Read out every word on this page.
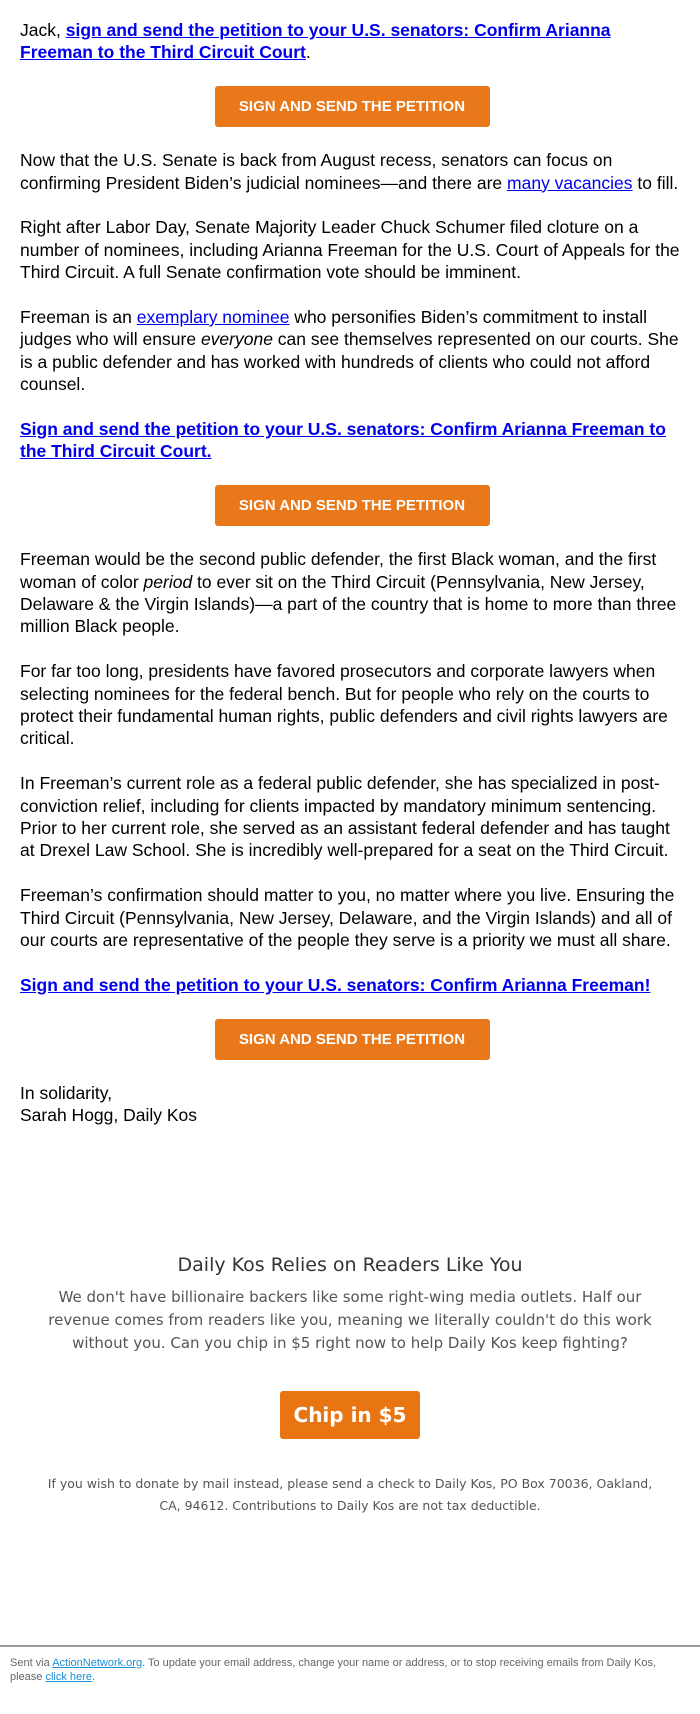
Jack, sign and send the petition to your U.S. senators: Confirm Arianna Freeman to the Third Circuit Court.

SIGN AND SEND THE PETITION

Now that the U.S. Senate is back from August recess, senators can focus on confirming President Biden’s judicial nominees—and there are many vacancies to fill.

Right after Labor Day, Senate Majority Leader Chuck Schumer filed cloture on a number of nominees, including Arianna Freeman for the U.S. Court of Appeals for the Third Circuit. A full Senate confirmation vote should be imminent.

Freeman is an exemplary nominee who personifies Biden’s commitment to install judges who will ensure everyone can see themselves represented on our courts. She is a public defender and has worked with hundreds of clients who could not afford counsel.

Sign and send the petition to your U.S. senators: Confirm Arianna Freeman to the Third Circuit Court.

SIGN AND SEND THE PETITION

Freeman would be the second public defender, the first Black woman, and the first woman of color period to ever sit on the Third Circuit (Pennsylvania, New Jersey, Delaware & the Virgin Islands)—a part of the country that is home to more than three million Black people.

For far too long, presidents have favored prosecutors and corporate lawyers when selecting nominees for the federal bench. But for people who rely on the courts to protect their fundamental human rights, public defenders and civil rights lawyers are critical.

In Freeman’s current role as a federal public defender, she has specialized in post-conviction relief, including for clients impacted by mandatory minimum sentencing. Prior to her current role, she served as an assistant federal defender and has taught at Drexel Law School. She is incredibly well-prepared for a seat on the Third Circuit.

Freeman’s confirmation should matter to you, no matter where you live. Ensuring the Third Circuit (Pennsylvania, New Jersey, Delaware, and the Virgin Islands) and all of our courts are representative of the people they serve is a priority we must all share.

Sign and send the petition to your U.S. senators: Confirm Arianna Freeman!

SIGN AND SEND THE PETITION

In solidarity,
Sarah Hogg, Daily Kos

Daily Kos Relies on Readers Like You
We don't have billionaire backers like some right-wing media outlets. Half our revenue comes from readers like you, meaning we literally couldn't do this work without you. Can you chip in $5 right now to help Daily Kos keep fighting?
Chip in $5
If you wish to donate by mail instead, please send a check to Daily Kos, PO Box 70036, Oakland, CA, 94612. Contributions to Daily Kos are not tax deductible.
Sent via ActionNetwork.org. To update your email address, change your name or address, or to stop receiving emails from Daily Kos, please click here.
